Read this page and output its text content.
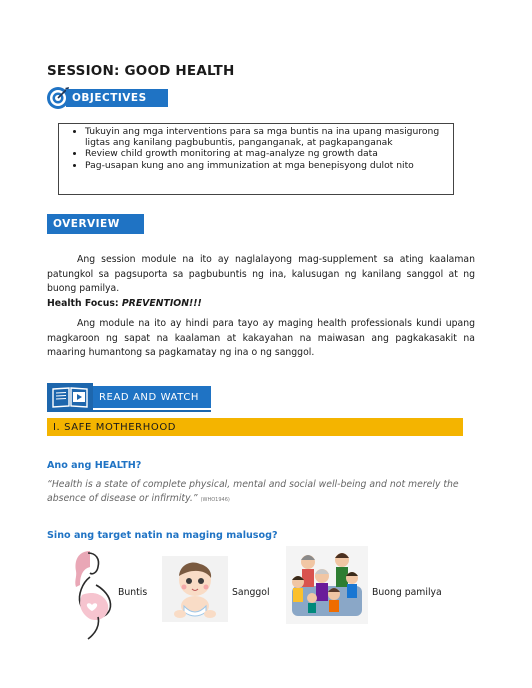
SESSION: GOOD HEALTH
OBJECTIVES
• Tukuyin ang mga interventions para sa mga buntis na ina upang masigurong ligtas ang kanilang pagbubuntis, panganganak, at pagkapanganak
• Review child growth monitoring at mag-analyze ng growth data
• Pag-usapan kung ano ang immunization at mga benepisyong dulot nito
OVERVIEW
Ang session module na ito ay naglalayong mag-supplement sa ating kaalaman patungkol sa pagsuporta sa pagbubuntis ng ina, kalusugan ng kanilang sanggol at ng buong pamilya.
Health Focus: PREVENTION!!!
Ang module na ito ay hindi para tayo ay maging health professionals kundi upang magkaroon ng sapat na kaalaman at kakayahan na maiwasan ang pagkakasakit na maaring humantong sa pagkamatay ng ina o ng sanggol.
READ AND WATCH
I. SAFE MOTHERHOOD
Ano ang HEALTH?
“Health is a state of complete physical, mental and social well-being and not merely the absence of disease or infirmity.” (WHO1946)
Sino ang target natin na maging malusog?
Buntis	Sanggol	Buong pamilya
